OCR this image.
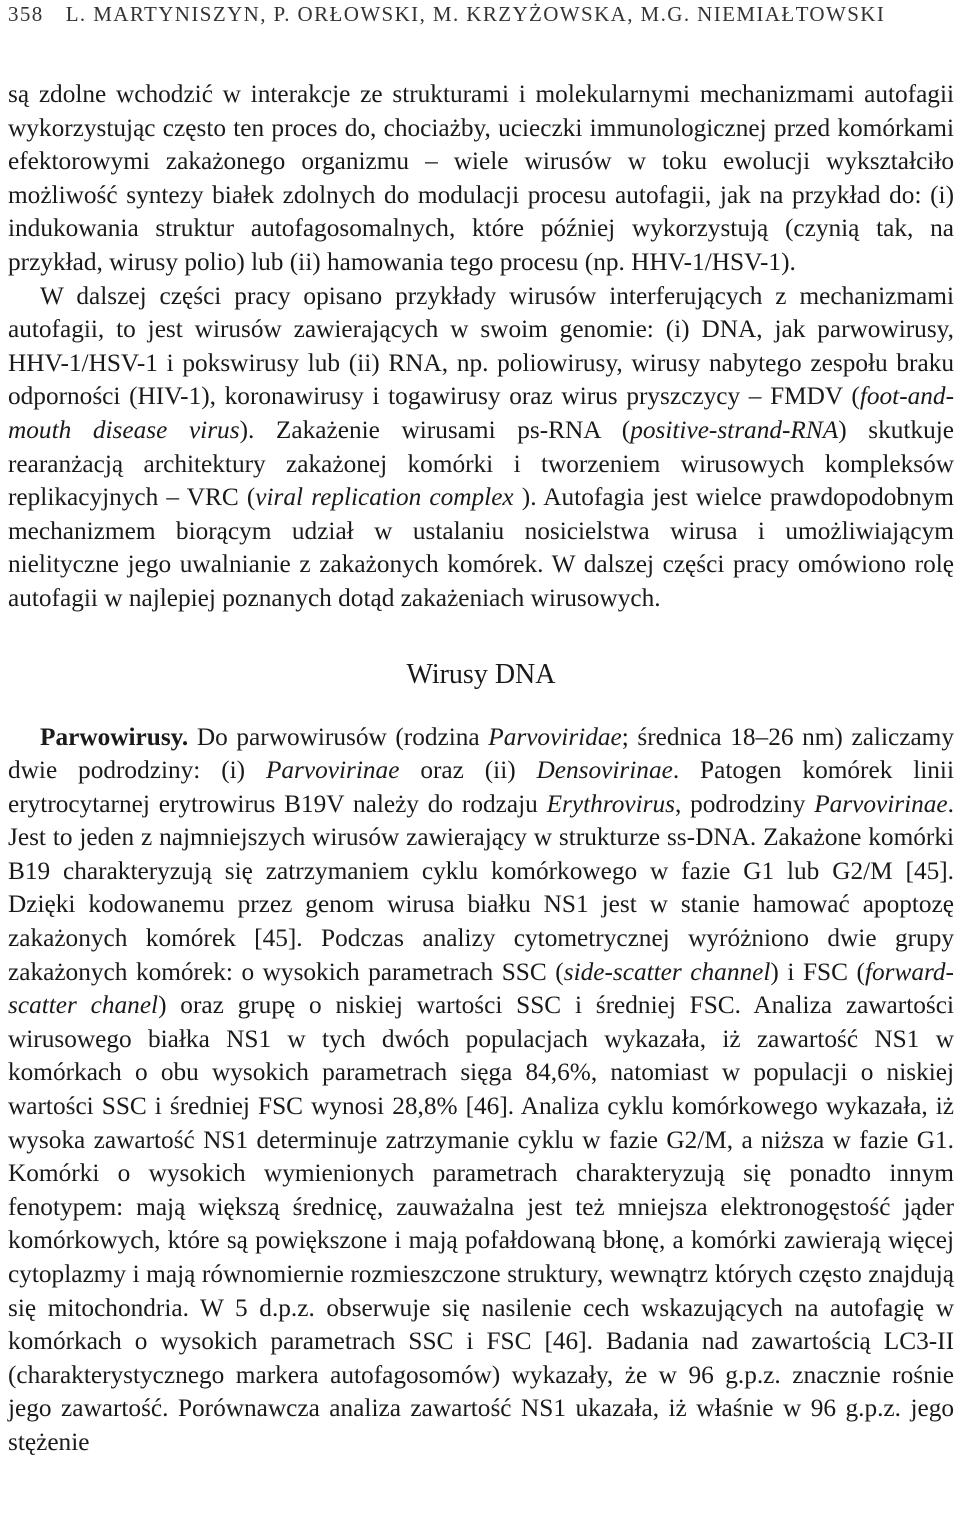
358 L. MARTYNISZYN, P. ORŁOWSKI, M. KRZYŻOWSKA, M.G. NIEMIAŁTOWSKI

są zdolne wchodzić w interakcje ze strukturami i molekularnymi mechanizmami autofagii wykorzystując często ten proces do, chociażby, ucieczki immunologicznej przed komórkami efektorowymi zakażonego organizmu – wiele wirusów w toku ewolucji wykształciło możliwość syntezy białek zdolnych do modulacji procesu autofagii, jak na przykład do: (i) indukowania struktur autofagosomalnych, które później wykorzystują (czynią tak, na przykład, wirusy polio) lub (ii) hamowania tego procesu (np. HHV-1/HSV-1).

W dalszej części pracy opisano przykłady wirusów interferujących z mechanizmami autofagii, to jest wirusów zawierających w swoim genomie: (i) DNA, jak parwowirusy, HHV-1/HSV-1 i pokswirusy lub (ii) RNA, np. poliowirusy, wirusy nabytego zespołu braku odporności (HIV-1), koronawirusy i togawirusy oraz wirus pryszczycy – FMDV (foot-and-mouth disease virus). Zakażenie wirusami ps-RNA (positive-strand-RNA) skutkuje rearanżacją architektury zakażonej komórki i tworzeniem wirusowych kompleksów replikacyjnych – VRC (viral replication complex ). Autofagia jest wielce prawdopodobnym mechanizmem biorącym udział w ustalaniu nosicielstwa wirusa i umożliwiającym nielityczne jego uwalnianie z zakażonych komórek. W dalszej części pracy omówiono rolę autofagii w najlepiej poznanych dotąd zakażeniach wirusowych.

Wirusy DNA

Parwowirusy. Do parwowirusów (rodzina Parvoviridae; średnica 18–26 nm) zaliczamy dwie podrodziny: (i) Parvovirinae oraz (ii) Densovirinae. Patogen komórek linii erytrocytarnej erytrowirus B19V należy do rodzaju Erythrovirus, podrodziny Parvovirinae. Jest to jeden z najmniejszych wirusów zawierający w strukturze ss-DNA. Zakażone komórki B19 charakteryzują się zatrzymaniem cyklu komórkowego w fazie G1 lub G2/M [45]. Dzięki kodowanemu przez genom wirusa białku NS1 jest w stanie hamować apoptozę zakażonych komórek [45]. Podczas analizy cytometrycznej wyróżniono dwie grupy zakażonych komórek: o wysokich parametrach SSC (side-scatter channel) i FSC (forward-scatter chanel) oraz grupę o niskiej wartości SSC i średniej FSC. Analiza zawartości wirusowego białka NS1 w tych dwóch populacjach wykazała, iż zawartość NS1 w komórkach o obu wysokich parametrach sięga 84,6%, natomiast w populacji o niskiej wartości SSC i średniej FSC wynosi 28,8% [46]. Analiza cyklu komórkowego wykazała, iż wysoka zawartość NS1 determinuje zatrzymanie cyklu w fazie G2/M, a niższa w fazie G1. Komórki o wysokich wymienionych parametrach charakteryzują się ponadto innym fenotypem: mają większą średnicę, zauważalna jest też mniejsza elektronogęstość jąder komórkowych, które są powiększone i mają pofałdowaną błonę, a komórki zawierają więcej cytoplazmy i mają równomiernie rozmieszczone struktury, wewnątrz których często znajdują się mitochondria. W 5 d.p.z. obserwuje się nasilenie cech wskazujących na autofagię w komórkach o wysokich parametrach SSC i FSC [46]. Badania nad zawartością LC3-II (charakterystycznego markera autofagosomów) wykazały, że w 96 g.p.z. znacznie rośnie jego zawartość. Porównawcza analiza zawartość NS1 ukazała, iż właśnie w 96 g.p.z. jego stężenie
